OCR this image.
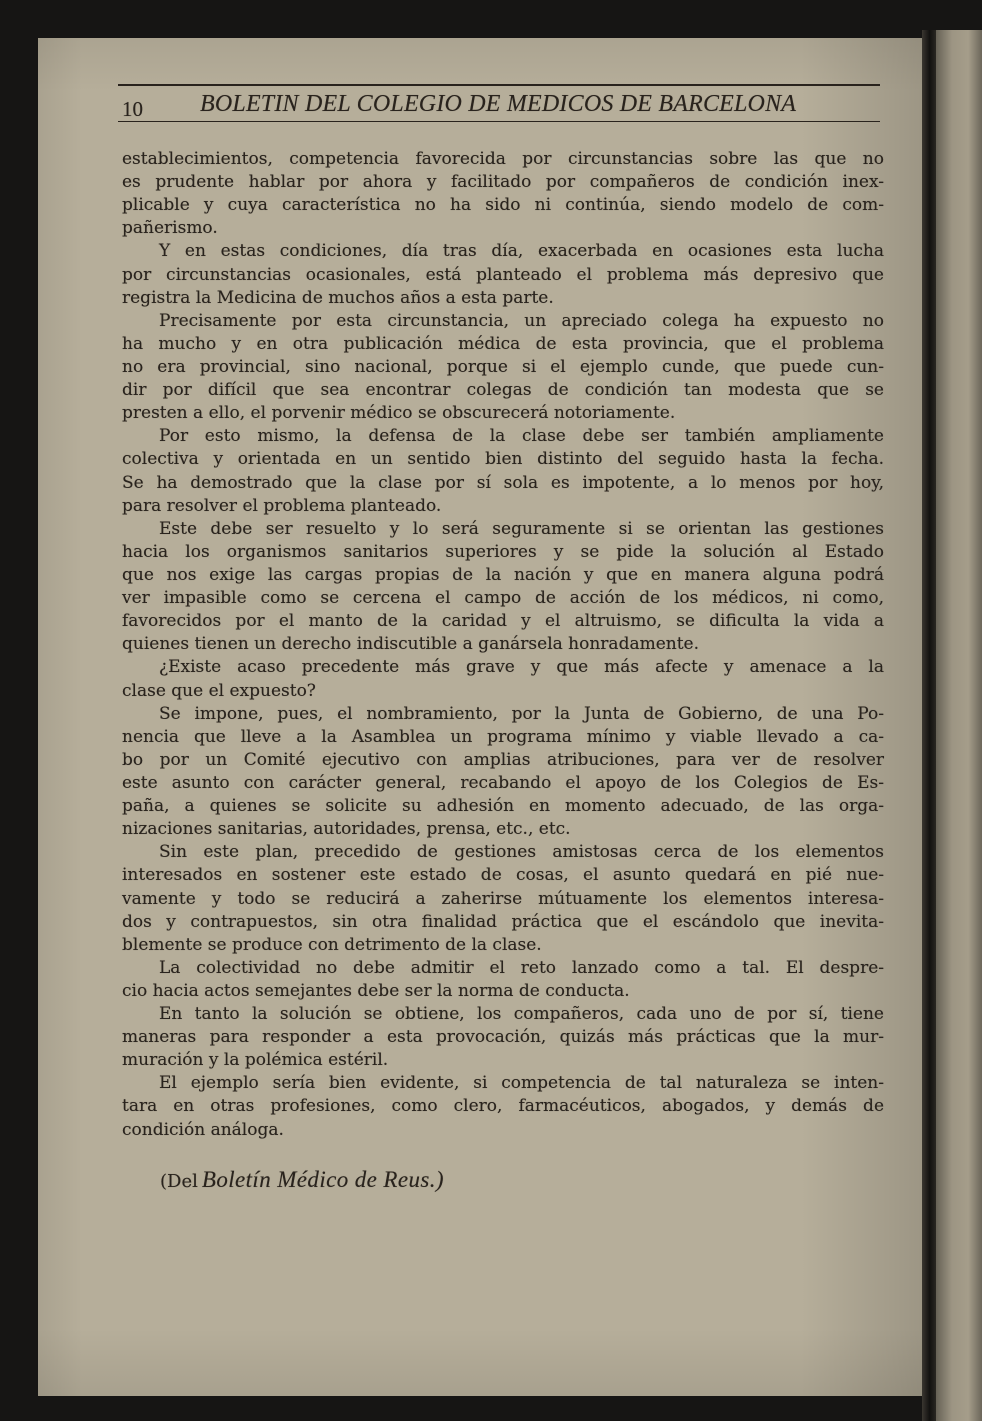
10 BOLETIN DEL COLEGIO DE MEDICOS DE BARCELONA
establecimientos, competencia favorecida por circunstancias sobre las que no
es prudente hablar por ahora y facilitado por compañeros de condición inex-
plicable y cuya característica no ha sido ni continúa, siendo modelo de com-
pañerismo.
Y en estas condiciones, día tras día, exacerbada en ocasiones esta lucha
por circunstancias ocasionales, está planteado el problema más depresivo que
registra la Medicina de muchos años a esta parte.
Precisamente por esta circunstancia, un apreciado colega ha expuesto no
ha mucho y en otra publicación médica de esta provincia, que el problema
no era provincial, sino nacional, porque si el ejemplo cunde, que puede cun-
dir por difícil que sea encontrar colegas de condición tan modesta que se
presten a ello, el porvenir médico se obscurecerá notoriamente.
Por esto mismo, la defensa de la clase debe ser también ampliamente
colectiva y orientada en un sentido bien distinto del seguido hasta la fecha.
Se ha demostrado que la clase por sí sola es impotente, a lo menos por hoy,
para resolver el problema planteado.
Este debe ser resuelto y lo será seguramente si se orientan las gestiones
hacia los organismos sanitarios superiores y se pide la solución al Estado
que nos exige las cargas propias de la nación y que en manera alguna podrá
ver impasible como se cercena el campo de acción de los médicos, ni como,
favorecidos por el manto de la caridad y el altruismo, se dificulta la vida a
quienes tienen un derecho indiscutible a ganársela honradamente.
¿Existe acaso precedente más grave y que más afecte y amenace a la
clase que el expuesto?
Se impone, pues, el nombramiento, por la Junta de Gobierno, de una Po-
nencia que lleve a la Asamblea un programa mínimo y viable llevado a ca-
bo por un Comité ejecutivo con amplias atribuciones, para ver de resolver
este asunto con carácter general, recabando el apoyo de los Colegios de Es-
paña, a quienes se solicite su adhesión en momento adecuado, de las orga-
nizaciones sanitarias, autoridades, prensa, etc., etc.
Sin este plan, precedido de gestiones amistosas cerca de los elementos
interesados en sostener este estado de cosas, el asunto quedará en pié nue-
vamente y todo se reducirá a zaherirse mútuamente los elementos interesa-
dos y contrapuestos, sin otra finalidad práctica que el escándolo que inevita-
blemente se produce con detrimento de la clase.
La colectividad no debe admitir el reto lanzado como a tal. El despre-
cio hacia actos semejantes debe ser la norma de conducta.
En tanto la solución se obtiene, los compañeros, cada uno de por sí, tiene
maneras para responder a esta provocación, quizás más prácticas que la mur-
muración y la polémica estéril.
El ejemplo sería bien evidente, si competencia de tal naturaleza se inten-
tara en otras profesiones, como clero, farmacéuticos, abogados, y demás de
condición análoga.
(Del Boletín Médico de Reus.)
